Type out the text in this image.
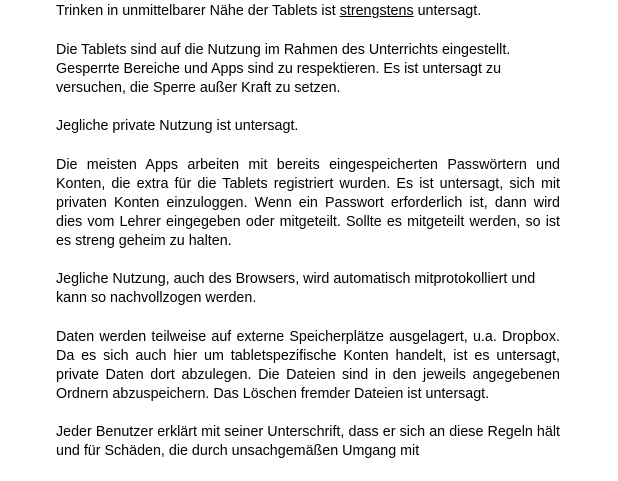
Trinken in unmittelbarer Nähe der Tablets ist strengstens untersagt.

Die Tablets sind auf die Nutzung im Rahmen des Unterrichts eingestellt. Gesperrte Bereiche und Apps sind zu respektieren. Es ist untersagt zu versuchen, die Sperre außer Kraft zu setzen.

Jegliche private Nutzung ist untersagt.

Die meisten Apps arbeiten mit bereits eingespeicherten Passwörtern und Konten, die extra für die Tablets registriert wurden. Es ist untersagt, sich mit privaten Konten einzuloggen. Wenn ein Passwort erforderlich ist, dann wird dies vom Lehrer eingegeben oder mitgeteilt. Sollte es mitgeteilt werden, so ist es streng geheim zu halten.

Jegliche Nutzung, auch des Browsers, wird automatisch mitprotokolliert und kann so nachvollzogen werden.

Daten werden teilweise auf externe Speicherplätze ausgelagert, u.a. Dropbox. Da es sich auch hier um tabletspezifische Konten handelt, ist es untersagt, private Daten dort abzulegen. Die Dateien sind in den jeweils angegebenen Ordnern abzuspeichern. Das Löschen fremder Dateien ist untersagt.

Jeder Benutzer erklärt mit seiner Unterschrift, dass er sich an diese Regeln hält und für Schäden, die durch unsachgemäßen Umgang mit
